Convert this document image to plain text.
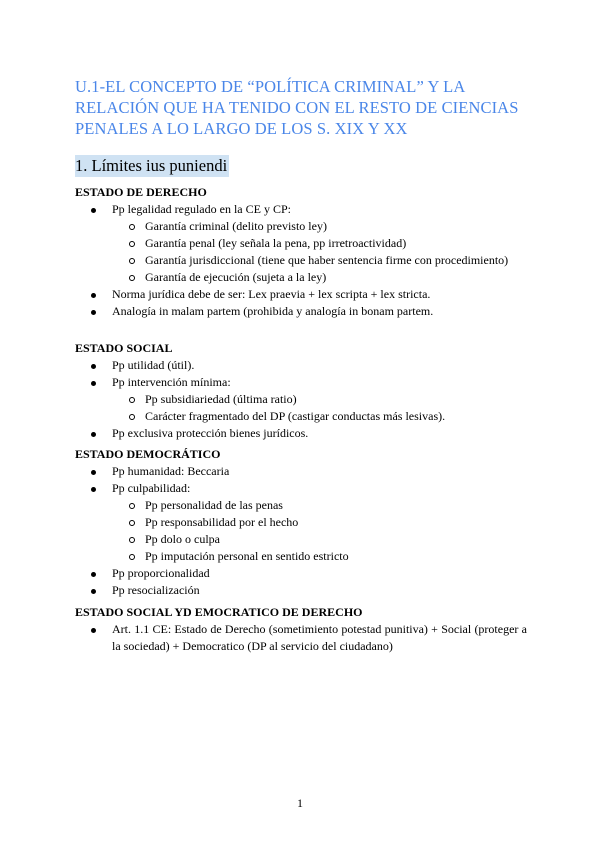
U.1-EL CONCEPTO DE “POLÍTICA CRIMINAL” Y LA RELACIÓN QUE HA TENIDO CON EL RESTO DE CIENCIAS PENALES A LO LARGO DE LOS S. XIX Y XX
1. Límites ius puniendi

ESTADO DE DERECHO

Pp legalidad regulado en la CE y CP:
Garantía criminal (delito previsto ley)
Garantía penal (ley señala la pena, pp irretroactividad)
Garantía jurisdiccional (tiene que haber sentencia firme con procedimiento)
Garantía de ejecución (sujeta a la ley)
Norma jurídica debe de ser: Lex praevia + lex scripta + lex stricta.
Analogía in malam partem (prohibida y analogía in bonam partem.

ESTADO SOCIAL

Pp utilidad (útil).
Pp intervención mínima:
Pp subsidiariedad (última ratio)
Carácter fragmentado del DP (castigar conductas más lesivas).
Pp exclusiva protección bienes jurídicos.

ESTADO DEMOCRÁTICO

Pp humanidad: Beccaria
Pp culpabilidad:
Pp personalidad de las penas
Pp responsabilidad por el hecho
Pp dolo o culpa
Pp imputación personal en sentido estricto
Pp proporcionalidad
Pp resocialización

ESTADO SOCIAL YD EMOCRATICO DE DERECHO

Art. 1.1 CE: Estado de Derecho (sometimiento potestad punitiva) + Social (proteger a la sociedad) + Democratico (DP al servicio del ciudadano)
1
